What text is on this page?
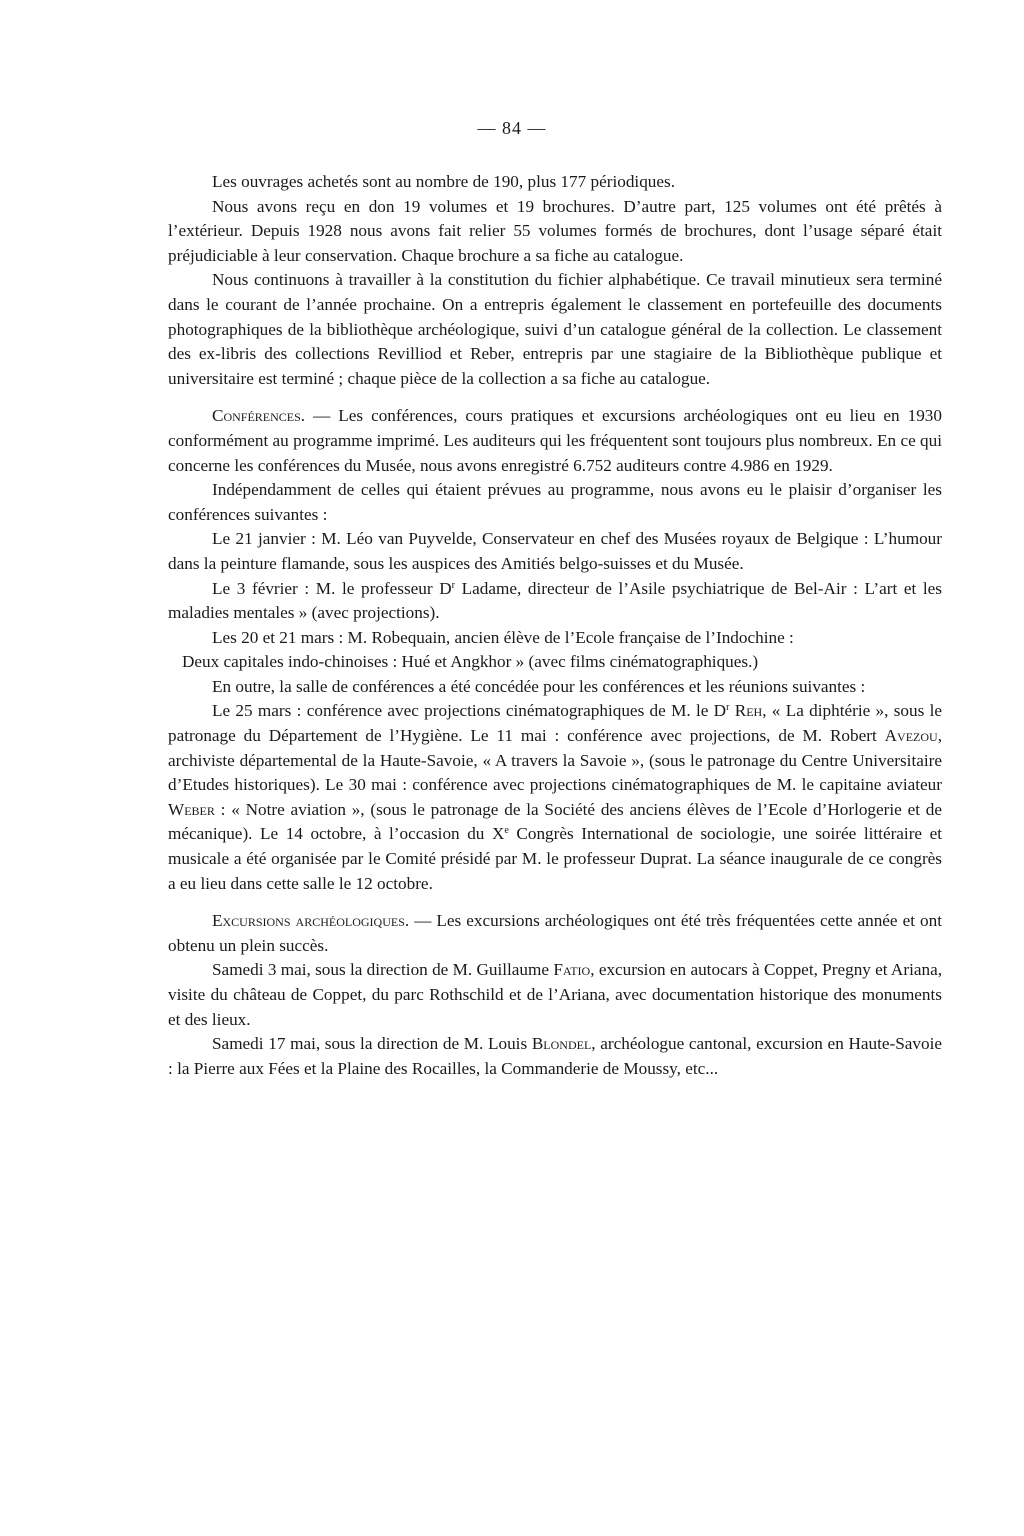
— 84 —

Les ouvrages achetés sont au nombre de 190, plus 177 périodiques.

Nous avons reçu en don 19 volumes et 19 brochures. D’autre part, 125 volumes ont été prêtés à l’extérieur. Depuis 1928 nous avons fait relier 55 volumes formés de brochures, dont l’usage séparé était préjudiciable à leur conservation. Chaque brochure a sa fiche au catalogue.

Nous continuons à travailler à la constitution du fichier alphabétique. Ce travail minutieux sera terminé dans le courant de l’année prochaine. On a entrepris également le classement en portefeuille des documents photographiques de la bibliothèque archéologique, suivi d’un catalogue général de la collection. Le classement des ex-libris des collections Revilliod et Reber, entrepris par une stagiaire de la Bibliothèque publique et universitaire est terminé ; chaque pièce de la collection a sa fiche au catalogue.

Conférences. — Les conférences, cours pratiques et excursions archéologiques ont eu lieu en 1930 conformément au programme imprimé. Les auditeurs qui les fréquentent sont toujours plus nombreux. En ce qui concerne les conférences du Musée, nous avons enregistré 6.752 auditeurs contre 4.986 en 1929.

Indépendamment de celles qui étaient prévues au programme, nous avons eu le plaisir d’organiser les conférences suivantes :

Le 21 janvier : M. Léo van Puyvelde, Conservateur en chef des Musées royaux de Belgique : L’humour dans la peinture flamande, sous les auspices des Amitiés belgo-suisses et du Musée.

Le 3 février : M. le professeur $D^r$ Ladame, directeur de l’Asile psychiatrique de Bel-Air : L’art et les maladies mentales » (avec projections).

Les 20 et 21 mars : M. Robequain, ancien élève de l’Ecole française de l’Indochine :

Deux capitales indo-chinoises : Hué et Angkhor » (avec films cinématographiques.)

En outre, la salle de conférences a été concédée pour les conférences et les réunions suivantes :

Le 25 mars : conférence avec projections cinématographiques de M. le $D^r$ Reh, « La diphtérie », sous le patronage du Département de l’Hygiène. Le 11 mai : conférence avec projections, de M. Robert Avezou, archiviste départemental de la Haute-Savoie, « A travers la Savoie », (sous le patronage du Centre Universitaire d’Etudes historiques). Le 30 mai : conférence avec projections cinématographiques de M. le capitaine aviateur Weber : « Notre aviation », (sous le patronage de la Société des anciens élèves de l’Ecole d’Horlogerie et de mécanique). Le 14 octobre, à l’occasion du Xe Congrès International de sociologie, une soirée littéraire et musicale a été organisée par le Comité présidé par M. le professeur Duprat. La séance inaugurale de ce congrès a eu lieu dans cette salle le 12 octobre.

Excursions archéologiques. — Les excursions archéologiques ont été très fréquentées cette année et ont obtenu un plein succès.

Samedi 3 mai, sous la direction de M. Guillaume Fatio, excursion en autocars à Coppet, Pregny et Ariana, visite du château de Coppet, du parc Rothschild et de l’Ariana, avec documentation historique des monuments et des lieux.

Samedi 17 mai, sous la direction de M. Louis Blondel, archéologue cantonal, excursion en Haute-Savoie : la Pierre aux Fées et la Plaine des Rocailles, la Commanderie de Moussy, etc...
